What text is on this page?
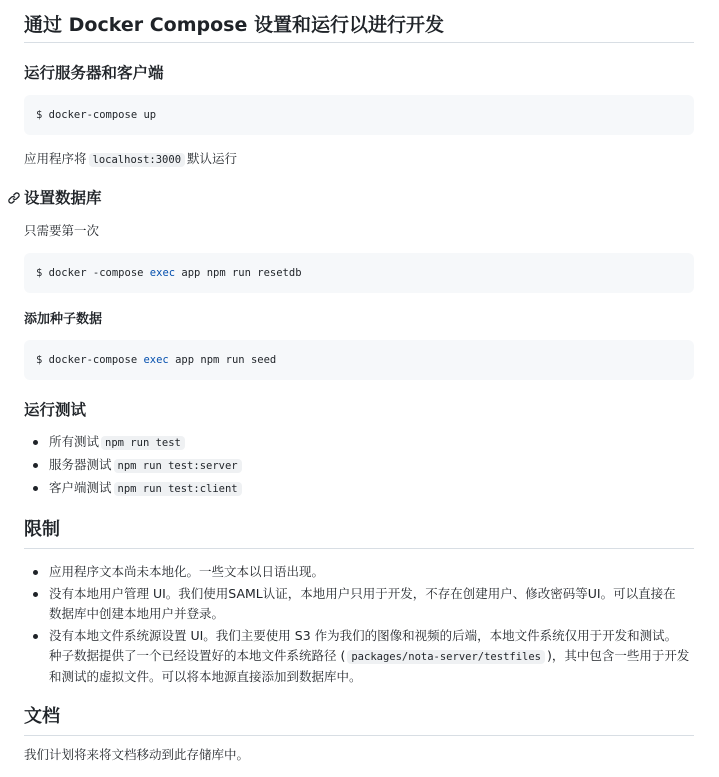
通过 Docker Compose 设置和运行以进行开发
运行服务器和客户端
$ docker-compose up
应用程序将 localhost:3000 默认运行
设置数据库
只需要第一次
$ docker -compose exec app npm run resetdb
添加种子数据
$ docker-compose exec app npm run seed
运行测试
所有测试 npm run test
服务器测试 npm run test:server
客户端测试 npm run test:client
限制
应用程序文本尚未本地化。一些文本以日语出现。
没有本地用户管理 UI。我们使用SAML认证，本地用户只用于开发，不存在创建用户、修改密码等UI。可以直接在
数据库中创建本地用户并登录。
没有本地文件系统源设置 UI。我们主要使用 S3 作为我们的图像和视频的后端，本地文件系统仅用于开发和测试。
种子数据提供了一个已经设置好的本地文件系统路径 ( packages/nota-server/testfiles )，其中包含一些用于开发
和测试的虚拟文件。可以将本地源直接添加到数据库中。
文档
我们计划将来将文档移动到此存储库中。
